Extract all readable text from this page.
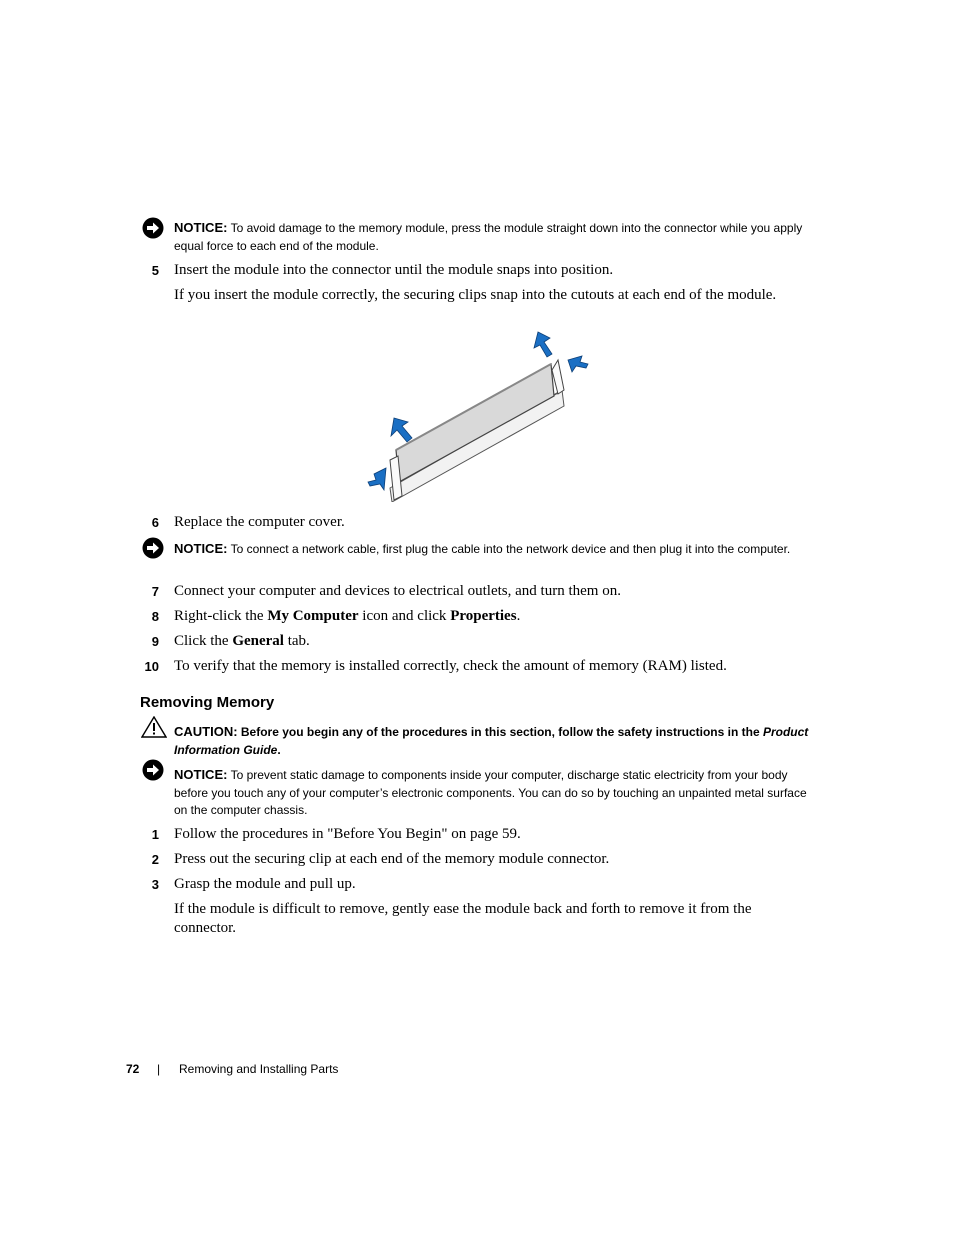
NOTICE: To avoid damage to the memory module, press the module straight down into the connector while you apply equal force to each end of the module.
5 Insert the module into the connector until the module snaps into position.
If you insert the module correctly, the securing clips snap into the cutouts at each end of the module.
6 Replace the computer cover.
NOTICE: To connect a network cable, first plug the cable into the network device and then plug it into the computer.
7 Connect your computer and devices to electrical outlets, and turn them on.
8 Right-click the My Computer icon and click Properties.
9 Click the General tab.
10 To verify that the memory is installed correctly, check the amount of memory (RAM) listed.
Removing Memory
CAUTION: Before you begin any of the procedures in this section, follow the safety instructions in the Product Information Guide.
NOTICE: To prevent static damage to components inside your computer, discharge static electricity from your body before you touch any of your computer’s electronic components. You can do so by touching an unpainted metal surface on the computer chassis.
1 Follow the procedures in "Before You Begin" on page 59.
2 Press out the securing clip at each end of the memory module connector.
3 Grasp the module and pull up.
If the module is difficult to remove, gently ease the module back and forth to remove it from the connector.
72 | Removing and Installing Parts
